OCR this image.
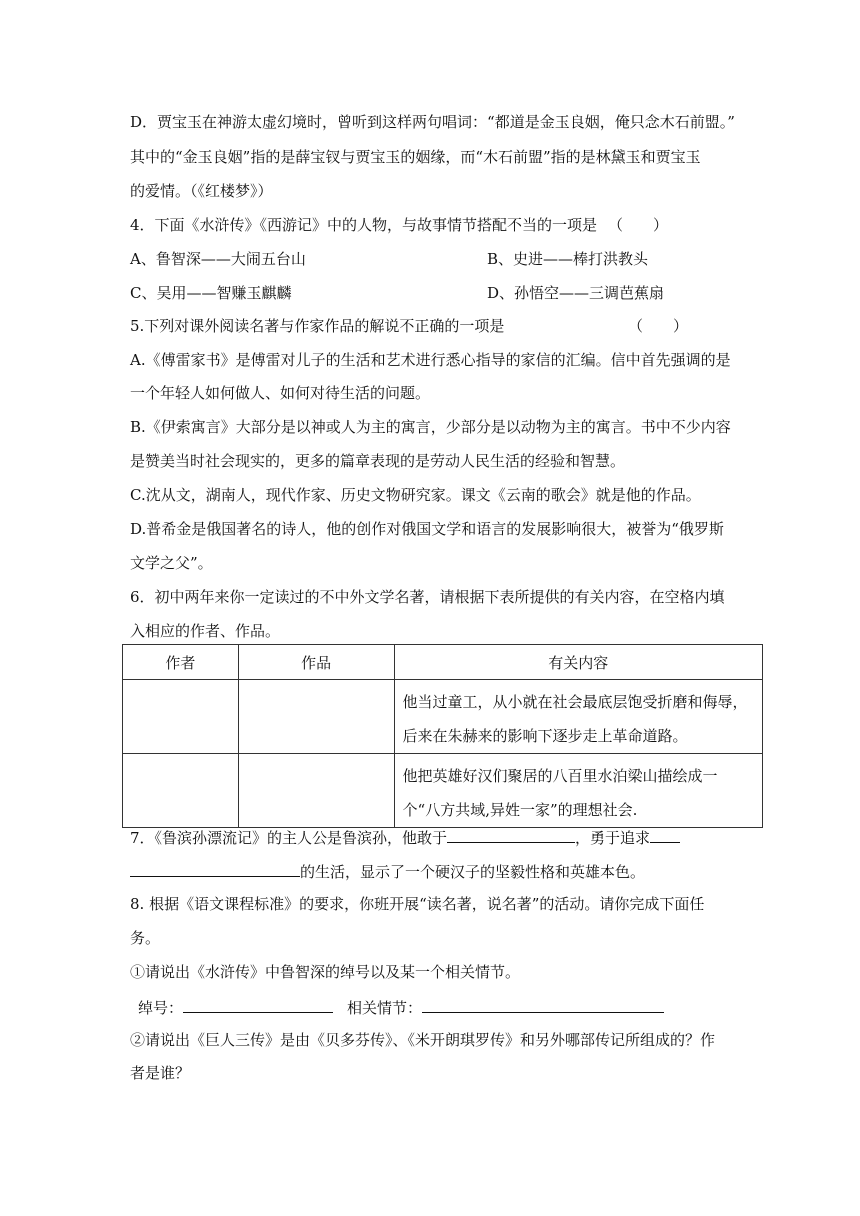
D．贾宝玉在神游太虚幻境时，曾听到这样两句唱词：“都道是金玉良姻，俺只念木石前盟。”
其中的“金玉良姻”指的是薛宝钗与贾宝玉的姻缘，而“木石前盟”指的是林黛玉和贾宝玉
的爱情。（《红楼梦》）
4．下面《水浒传》《西游记》中的人物，与故事情节搭配不当的一项是 （　　）
A、鲁智深——大闹五台山	B、史进——棒打洪教头
C、吴用——智赚玉麒麟	D、孙悟空——三调芭蕉扇
5.下列对课外阅读名著与作家作品的解说不正确的一项是	（　　）
A.《傅雷家书》是傅雷对儿子的生活和艺术进行悉心指导的家信的汇编。信中首先强调的是
一个年轻人如何做人、如何对待生活的问题。
B.《伊索寓言》大部分是以神或人为主的寓言，少部分是以动物为主的寓言。书中不少内容
是赞美当时社会现实的，更多的篇章表现的是劳动人民生活的经验和智慧。
C.沈从文，湖南人，现代作家、历史文物研究家。课文《云南的歌会》就是他的作品。
D.普希金是俄国著名的诗人，他的创作对俄国文学和语言的发展影响很大，被誉为“俄罗斯
文学之父”。
6．初中两年来你一定读过的不中外文学名著，请根据下表所提供的有关内容，在空格内填
入相应的作者、作品。
作者	作品	有关内容

		他当过童工，从小就在社会最底层饱受折磨和侮辱，后来在朱赫来的影响下逐步走上革命道路。

		他把英雄好汉们聚居的八百里水泊梁山描绘成一个“八方共域,异姓一家”的理想社会.
7．《鲁滨孙漂流记》的主人公是鲁滨孙，他敢于	，勇于追求
的生活，显示了一个硬汉子的坚毅性格和英雄本色。
8. 根据《语文课程标准》的要求，你班开展“读名著，说名著”的活动。请你完成下面任
务。
①请说出《水浒传》中鲁智深的绰号以及某一个相关情节。
绰号：	相关情节：
②请说出《巨人三传》是由《贝多芬传》、《米开朗琪罗传》和另外哪部传记所组成的？作
者是谁？
